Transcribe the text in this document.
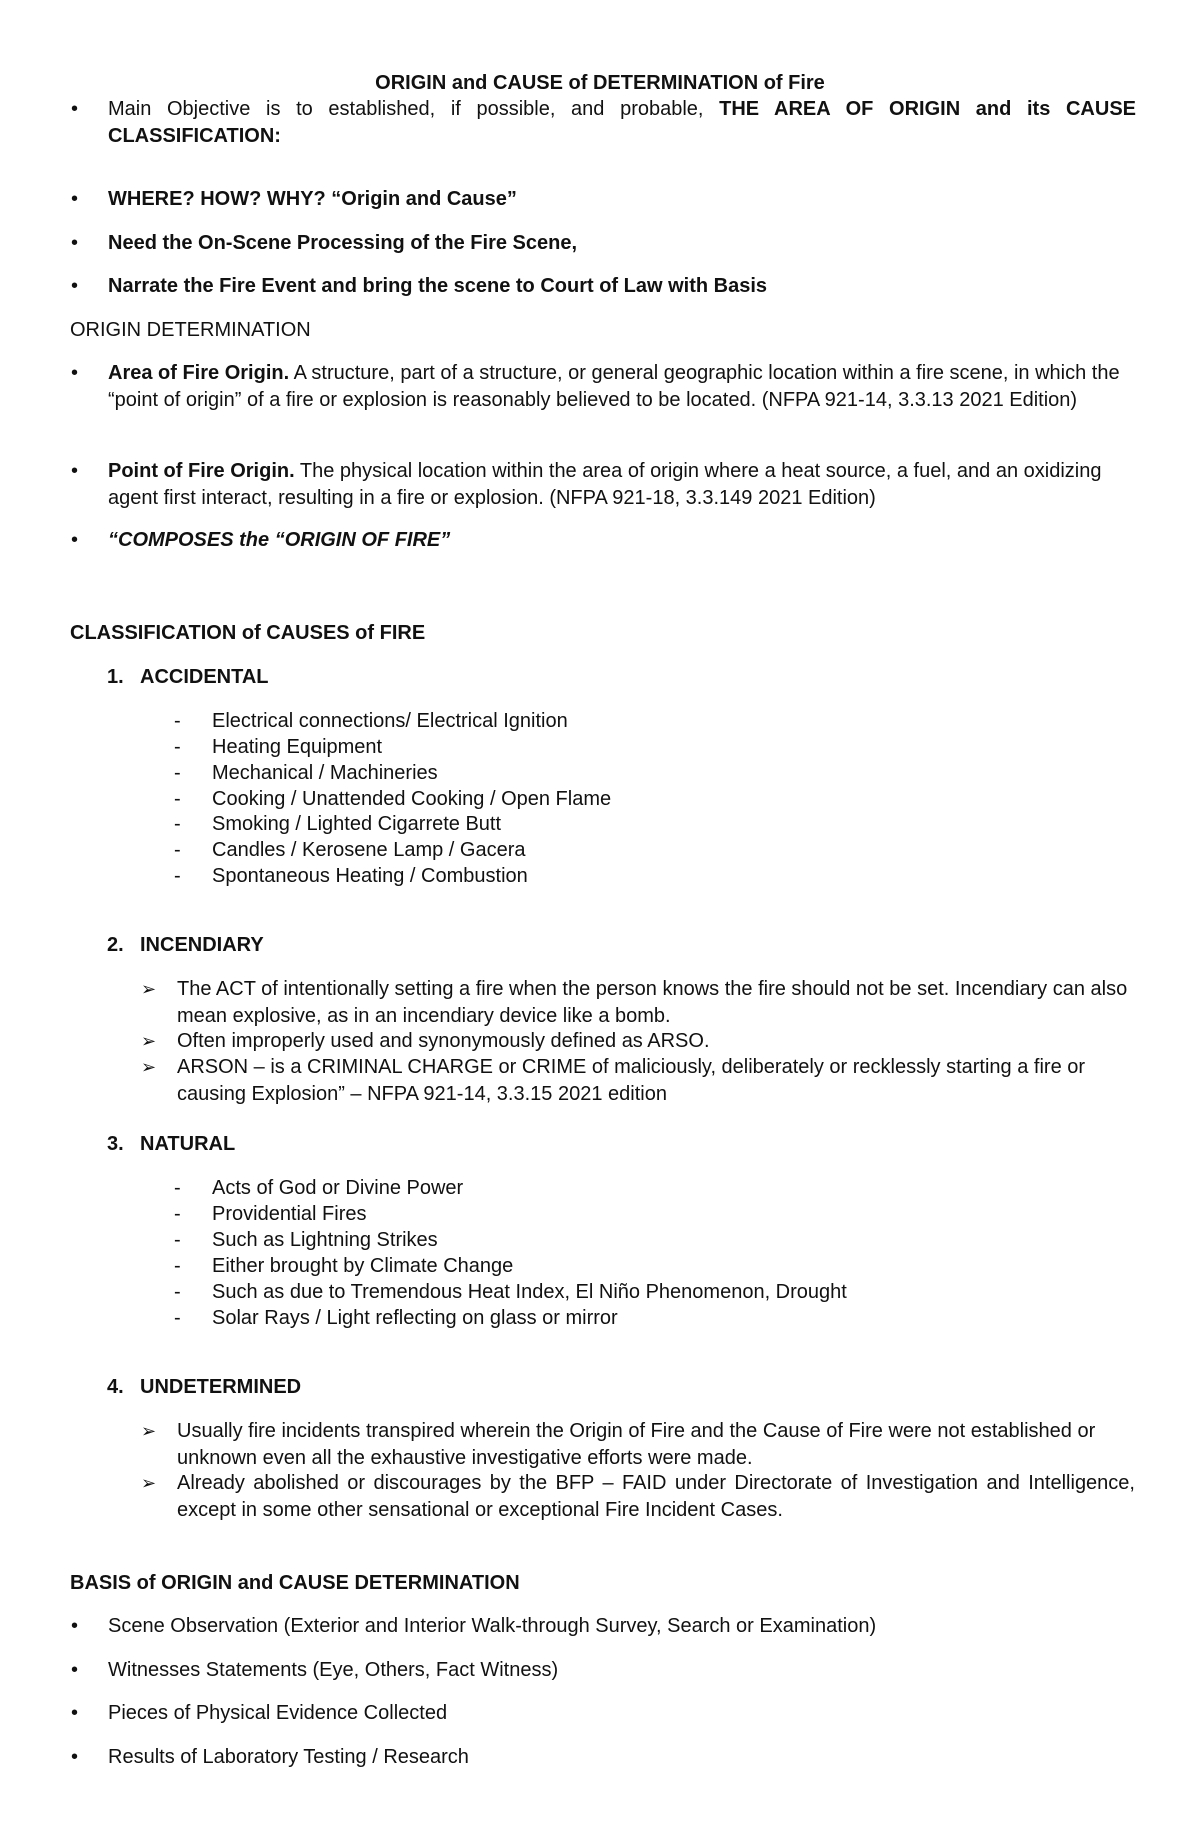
ORIGIN and CAUSE of DETERMINATION of Fire
• Main Objective is to established, if possible, and probable, THE AREA OF ORIGIN and its CAUSE CLASSIFICATION:
• WHERE? HOW? WHY? “Origin and Cause”
• Need the On-Scene Processing of the Fire Scene,
• Narrate the Fire Event and bring the scene to Court of Law with Basis
ORIGIN DETERMINATION
• Area of Fire Origin. A structure, part of a structure, or general geographic location within a fire scene, in which the “point of origin” of a fire or explosion is reasonably believed to be located. (NFPA 921-14, 3.3.13 2021 Edition)
• Point of Fire Origin. The physical location within the area of origin where a heat source, a fuel, and an oxidizing agent first interact, resulting in a fire or explosion. (NFPA 921-18, 3.3.149 2021 Edition)
• “COMPOSES the “ORIGIN OF FIRE”
CLASSIFICATION of CAUSES of FIRE
1. ACCIDENTAL
- Electrical connections/ Electrical Ignition
- Heating Equipment
- Mechanical / Machineries
- Cooking / Unattended Cooking / Open Flame
- Smoking / Lighted Cigarrete Butt
- Candles / Kerosene Lamp / Gacera
- Spontaneous Heating / Combustion
2. INCENDIARY
➢ The ACT of intentionally setting a fire when the person knows the fire should not be set. Incendiary can also mean explosive, as in an incendiary device like a bomb.
➢ Often improperly used and synonymously defined as ARSO.
➢ ARSON – is a CRIMINAL CHARGE or CRIME of maliciously, deliberately or recklessly starting a fire or causing Explosion” – NFPA 921-14, 3.3.15 2021 edition
3. NATURAL
- Acts of God or Divine Power
- Providential Fires
- Such as Lightning Strikes
- Either brought by Climate Change
- Such as due to Tremendous Heat Index, El Niño Phenomenon, Drought
- Solar Rays / Light reflecting on glass or mirror
4. UNDETERMINED
➢ Usually fire incidents transpired wherein the Origin of Fire and the Cause of Fire were not established or unknown even all the exhaustive investigative efforts were made.
➢ Already abolished or discourages by the BFP – FAID under Directorate of Investigation and Intelligence, except in some other sensational or exceptional Fire Incident Cases.
BASIS of ORIGIN and CAUSE DETERMINATION
• Scene Observation (Exterior and Interior Walk-through Survey, Search or Examination)
• Witnesses Statements (Eye, Others, Fact Witness)
• Pieces of Physical Evidence Collected
• Results of Laboratory Testing / Research
